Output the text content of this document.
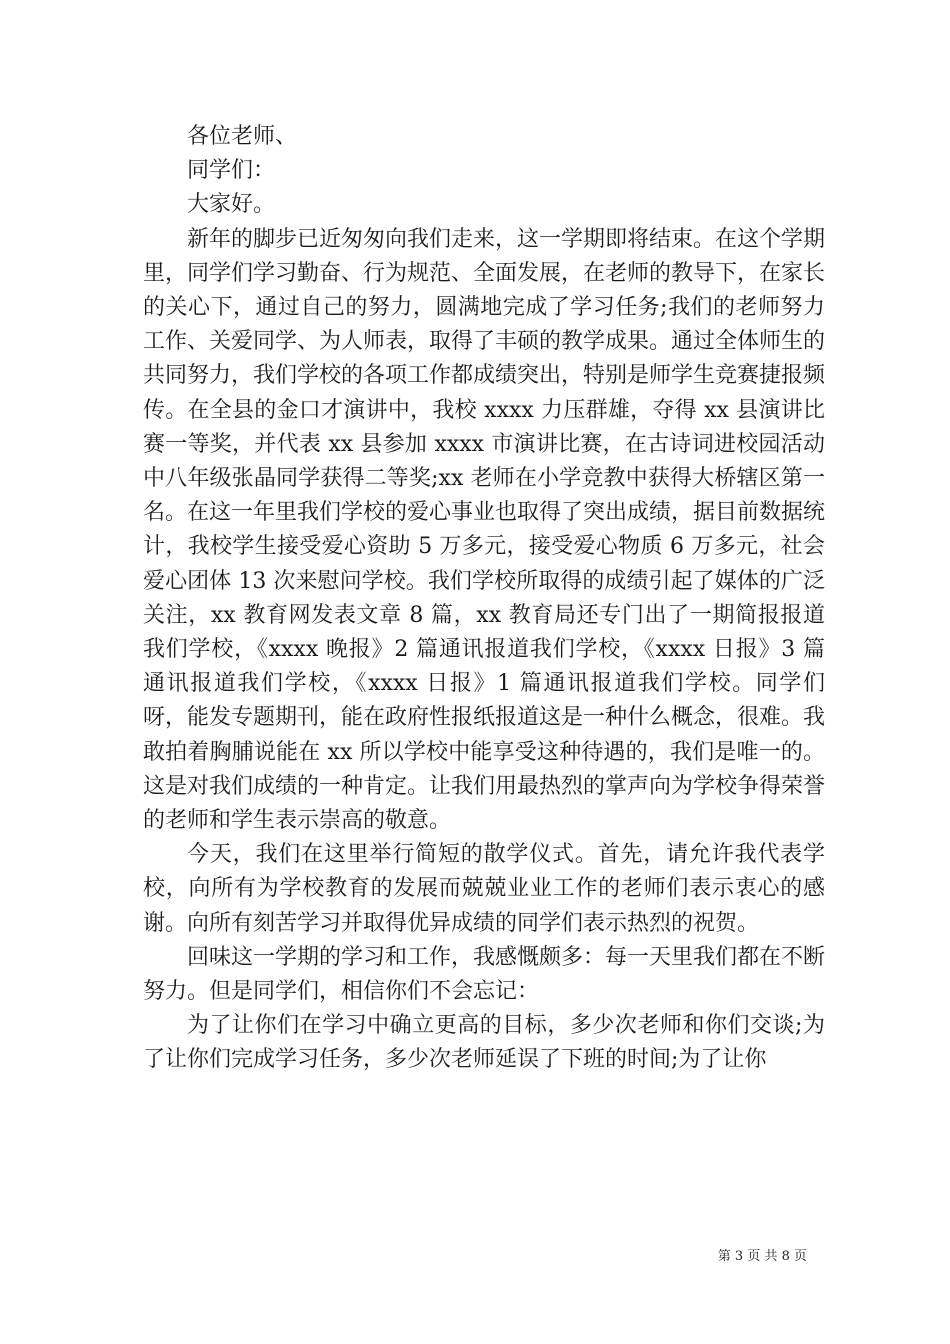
各位老师、

同学们：

大家好。

新年的脚步已近匆匆向我们走来，这一学期即将结束。在这个学期里，同学们学习勤奋、行为规范、全面发展，在老师的教导下，在家长的关心下，通过自己的努力，圆满地完成了学习任务;我们的老师努力工作、关爱同学、为人师表，取得了丰硕的教学成果。通过全体师生的共同努力，我们学校的各项工作都成绩突出，特别是师学生竞赛捷报频传。在全县的金口才演讲中，我校 xxxx 力压群雄，夺得 xx 县演讲比赛一等奖，并代表 xx 县参加 xxxx 市演讲比赛，在古诗词进校园活动中八年级张晶同学获得二等奖;xx 老师在小学竞教中获得大桥辖区第一名。在这一年里我们学校的爱心事业也取得了突出成绩，据目前数据统计，我校学生接受爱心资助 5 万多元，接受爱心物质 6 万多元，社会爱心团体 13 次来慰问学校。我们学校所取得的成绩引起了媒体的广泛关注，xx 教育网发表文章 8 篇，xx 教育局还专门出了一期简报报道我们学校，《xxxx 晚报》2 篇通讯报道我们学校，《xxxx 日报》3 篇通讯报道我们学校，《xxxx 日报》1 篇通讯报道我们学校。同学们呀，能发专题期刊，能在政府性报纸报道这是一种什么概念，很难。我敢拍着胸脯说能在 xx 所以学校中能享受这种待遇的，我们是唯一的。这是对我们成绩的一种肯定。让我们用最热烈的掌声向为学校争得荣誉的老师和学生表示崇高的敬意。

今天，我们在这里举行简短的散学仪式。首先，请允许我代表学校，向所有为学校教育的发展而兢兢业业工作的老师们表示衷心的感谢。向所有刻苦学习并取得优异成绩的同学们表示热烈的祝贺。

回味这一学期的学习和工作，我感慨颇多：每一天里我们都在不断努力。但是同学们，相信你们不会忘记：

为了让你们在学习中确立更高的目标，多少次老师和你们交谈;为了让你们完成学习任务，多少次老师延误了下班的时间;为了让你

第 3 页 共 8 页
